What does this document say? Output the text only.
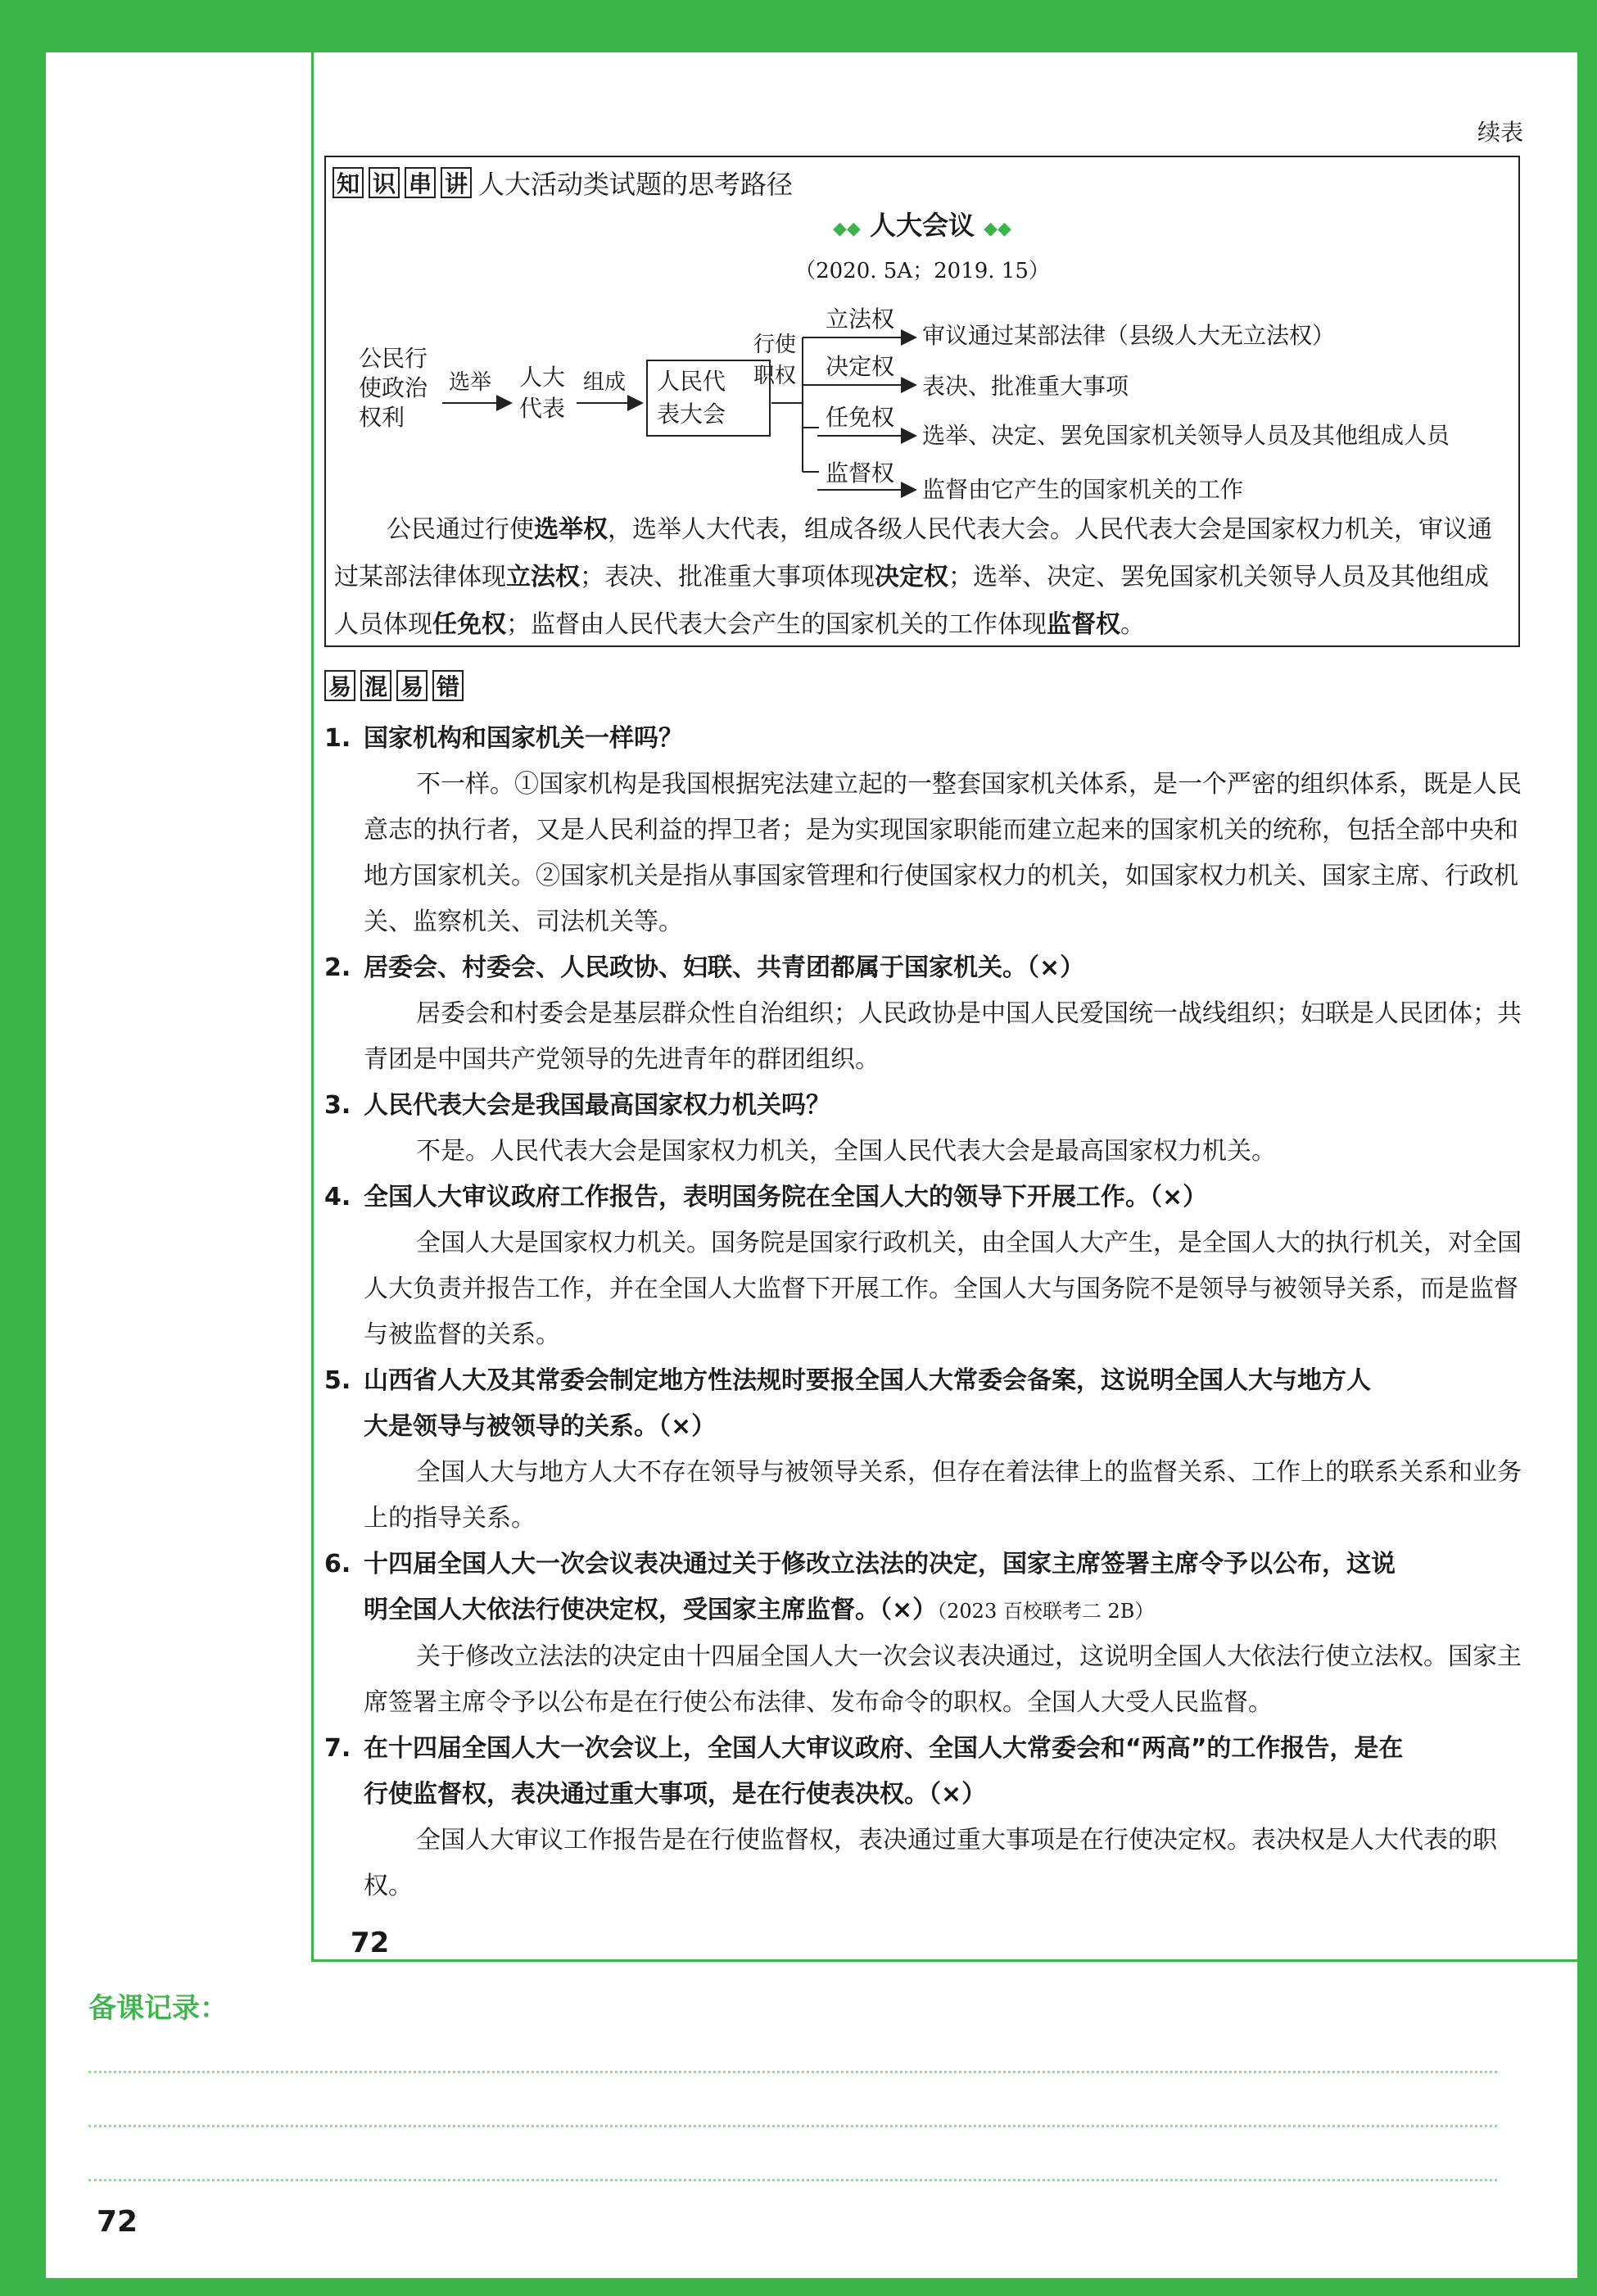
续表
知 识 串 讲 人大活动类试题的思考路径
◆◆ 人大会议 ◆◆
（2020. 5A；2019. 15）
公民行
使政治
权利
选举 人大
代表
组成 人民代
表大会
行使
职权
立法权
决定权
任免权
监督权
审议通过某部法律（县级人大无立法权）
表决、批准重大事项
选举、决定、罢免国家机关领导人员及其他组成人员
监督由它产生的国家机关的工作
公民通过行使选举权，选举人大代表，组成各级人民代表大会。人民代表大会是国家权力机关，审议通过某部法律体现立法权；表决、批准重大事项体现决定权；选举、决定、罢免国家机关领导人员及其他组成人员体现任免权；监督由人民代表大会产生的国家机关的工作体现监督权。
易 混 易 错
1. 国家机构和国家机关一样吗？
不一样。①国家机构是我国根据宪法建立起的一整套国家机关体系，是一个严密的组织体系，既是人民意志的执行者，又是人民利益的捍卫者；是为实现国家职能而建立起来的国家机关的统称，包括全部中央和地方国家机关。②国家机关是指从事国家管理和行使国家权力的机关，如国家权力机关、国家主席、行政机关、监察机关、司法机关等。
2. 居委会、村委会、人民政协、妇联、共青团都属于国家机关。（×）
居委会和村委会是基层群众性自治组织；人民政协是中国人民爱国统一战线组织；妇联是人民团体；共青团是中国共产党领导的先进青年的群团组织。
3. 人民代表大会是我国最高国家权力机关吗？
不是。人民代表大会是国家权力机关，全国人民代表大会是最高国家权力机关。
4. 全国人大审议政府工作报告，表明国务院在全国人大的领导下开展工作。（×）
全国人大是国家权力机关。国务院是国家行政机关，由全国人大产生，是全国人大的执行机关，对全国人大负责并报告工作，并在全国人大监督下开展工作。全国人大与国务院不是领导与被领导关系，而是监督与被监督的关系。
5. 山西省人大及其常委会制定地方性法规时要报全国人大常委会备案，这说明全国人大与地方人
大是领导与被领导的关系。（×）
全国人大与地方人大不存在领导与被领导关系，但存在着法律上的监督关系、工作上的联系关系和业务上的指导关系。
6. 十四届全国人大一次会议表决通过关于修改立法法的决定，国家主席签署主席令予以公布，这说
明全国人大依法行使决定权，受国家主席监督。（×）（2023 百校联考二 2B）
关于修改立法法的决定由十四届全国人大一次会议表决通过，这说明全国人大依法行使立法权。国家主席签署主席令予以公布是在行使公布法律、发布命令的职权。全国人大受人民监督。
7. 在十四届全国人大一次会议上，全国人大审议政府、全国人大常委会和“两高”的工作报告，是在
行使监督权，表决通过重大事项，是在行使表决权。（×）
全国人大审议工作报告是在行使监督权，表决通过重大事项是在行使决定权。表决权是人大代表的职权。
72
备课记录：
72
